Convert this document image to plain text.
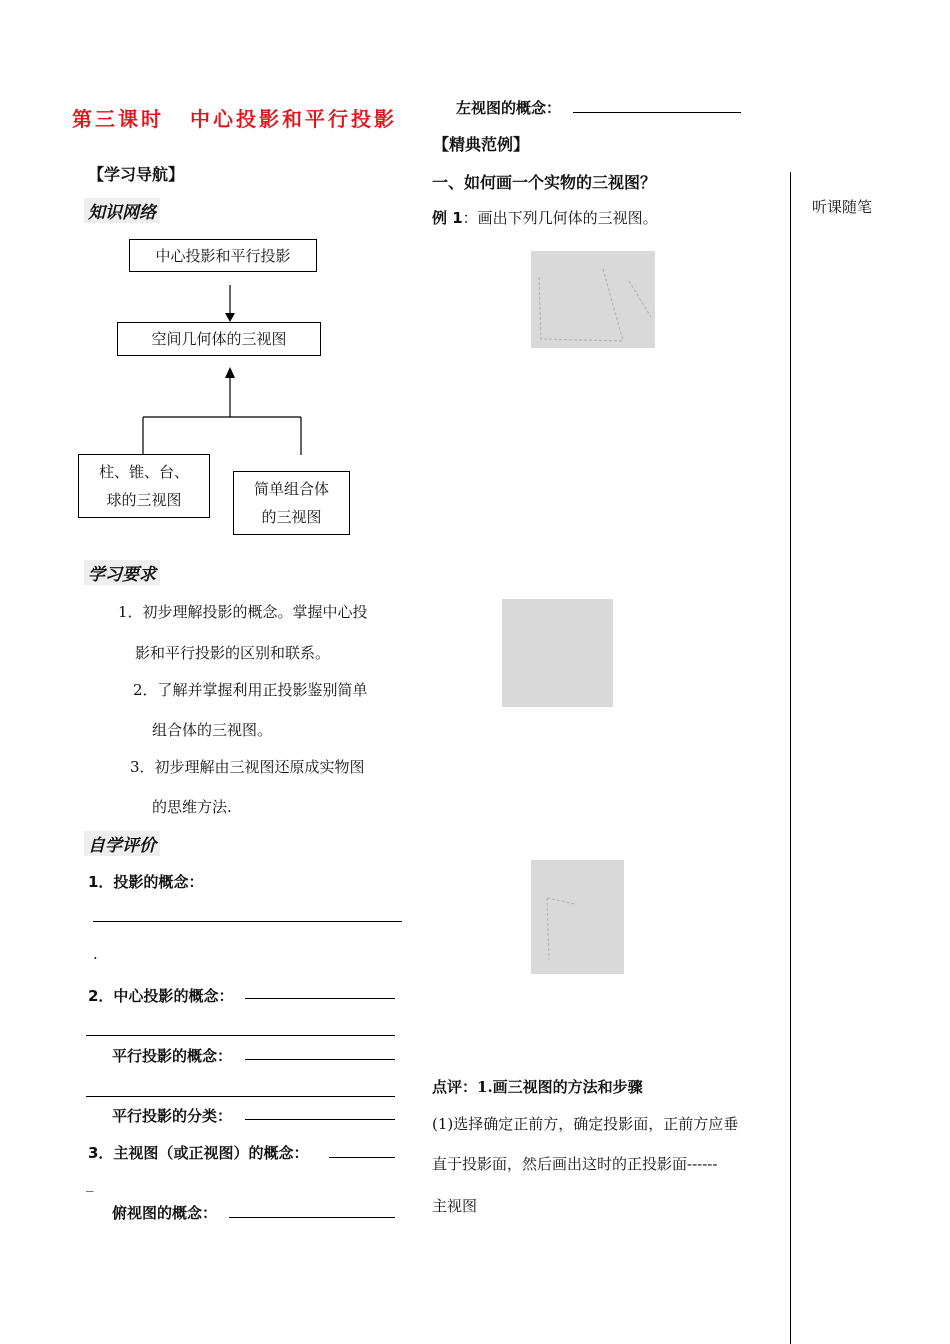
第三课时 中心投影和平行投影
【学习导航】
知识网络
中心投影和平行投影
空间几何体的三视图
柱、锥、台、
球的三视图
简单组合体
的三视图
学习要求
1．初步理解投影的概念。掌握中心投
影和平行投影的区别和联系。
2．了解并掌握利用正投影鉴别简单
组合体的三视图。
3．初步理解由三视图还原成实物图
的思维方法.
自学评价
1．投影的概念：
.
2．中心投影的概念：
平行投影的概念：
平行投影的分类：
3．主视图（或正视图）的概念：
_
俯视图的概念：
左视图的概念：
【精典范例】
一、如何画一个实物的三视图？
例 1：画出下列几何体的三视图。
点评：1.画三视图的方法和步骤
(1)选择确定正前方，确定投影面，正前方应垂
直于投影面，然后画出这时的正投影面------
主视图
听课随笔
